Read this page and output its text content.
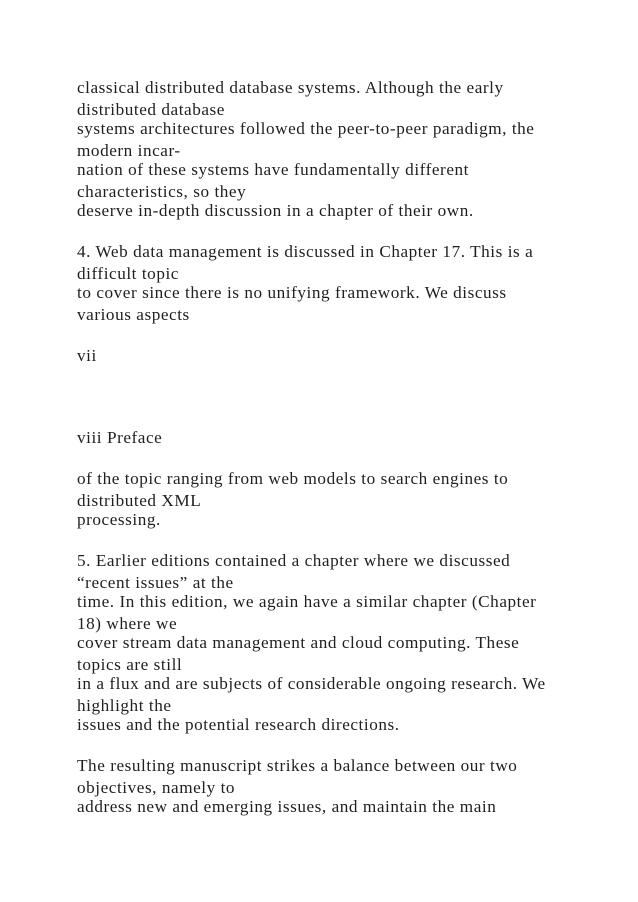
classical distributed database systems. Although the early

distributed database

systems architectures followed the peer-to-peer paradigm, the

modern incar-

nation of these systems have fundamentally different

characteristics, so they

deserve in-depth discussion in a chapter of their own.

4. Web data management is discussed in Chapter 17. This is a

difficult topic

to cover since there is no unifying framework. We discuss

various aspects

vii

viii Preface

of the topic ranging from web models to search engines to

distributed XML

processing.

5. Earlier editions contained a chapter where we discussed

“recent issues” at the

time. In this edition, we again have a similar chapter (Chapter

18) where we

cover stream data management and cloud computing. These

topics are still

in a flux and are subjects of considerable ongoing research. We

highlight the

issues and the potential research directions.

The resulting manuscript strikes a balance between our two

objectives, namely to

address new and emerging issues, and maintain the main
